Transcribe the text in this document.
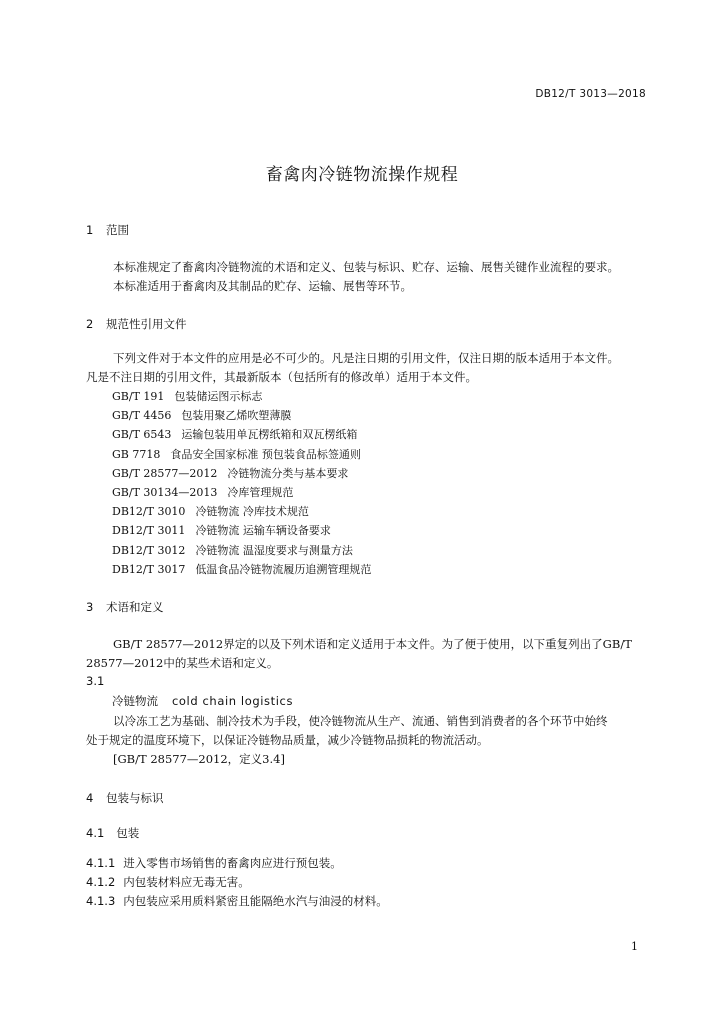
DB12/T 3013—2018
畜禽肉冷链物流操作规程
1 范围
本标准规定了畜禽肉冷链物流的术语和定义、包装与标识、贮存、运输、展售关键作业流程的要求。
本标准适用于畜禽肉及其制品的贮存、运输、展售等环节。
2 规范性引用文件
下列文件对于本文件的应用是必不可少的。凡是注日期的引用文件，仅注日期的版本适用于本文件。
凡是不注日期的引用文件，其最新版本（包括所有的修改单）适用于本文件。
GB/T 191 包装储运图示标志
GB/T 4456 包装用聚乙烯吹塑薄膜
GB/T 6543 运输包装用单瓦楞纸箱和双瓦楞纸箱
GB 7718 食品安全国家标准 预包装食品标签通则
GB/T 28577—2012 冷链物流分类与基本要求
GB/T 30134—2013 冷库管理规范
DB12/T 3010 冷链物流 冷库技术规范
DB12/T 3011 冷链物流 运输车辆设备要求
DB12/T 3012 冷链物流 温湿度要求与测量方法
DB12/T 3017 低温食品冷链物流履历追溯管理规范
3 术语和定义
GB/T 28577—2012界定的以及下列术语和定义适用于本文件。为了便于使用，以下重复列出了GB/T
28577—2012中的某些术语和定义。
3.1
冷链物流 cold chain logistics
以冷冻工艺为基础、制冷技术为手段，使冷链物流从生产、流通、销售到消费者的各个环节中始终
处于规定的温度环境下，以保证冷链物品质量，减少冷链物品损耗的物流活动。
[GB/T 28577—2012，定义3.4]
4 包装与标识
4.1 包装
4.1.1 进入零售市场销售的畜禽肉应进行预包装。
4.1.2 内包装材料应无毒无害。
4.1.3 内包装应采用质料紧密且能隔绝水汽与油浸的材料。
1
